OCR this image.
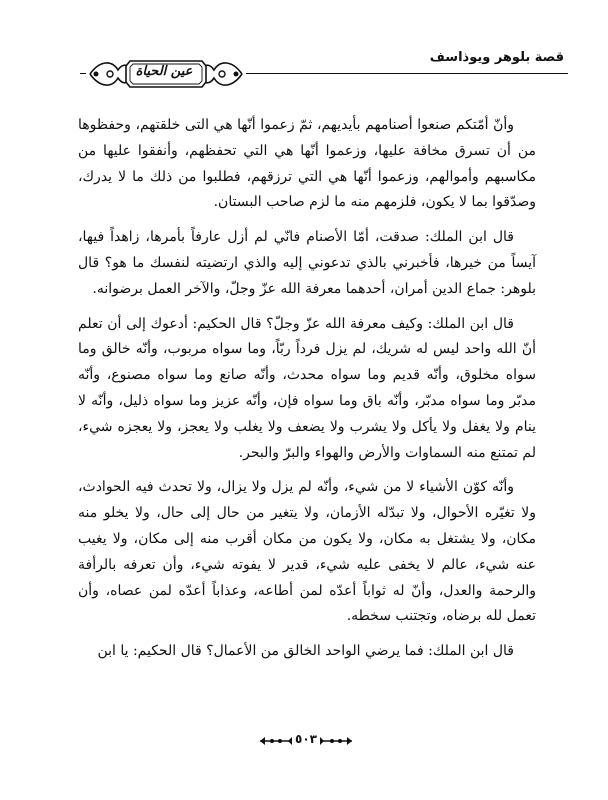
قصة بلوهر ويوذاسف
عين الحياة

وأنّ أمّتكم صنعوا أصنامهم بأيديهم، ثمّ زعموا أنّها هي التى خلقتهم، وحفظوها من أن تسرق مخافة عليها، وزعموا أنّها هي التي تحفظهم، وأنفقوا عليها من مكاسبهم وأموالهم، وزعموا أنّها هي التي ترزقهم، فطلبوا من ذلك ما لا يدرك، وصدّقوا بما لا يكون، فلزمهم منه ما لزم صاحب البستان.

قال ابن الملك: صدقت، أمّا الأصنام فانّي لم أزل عارفاً بأمرها، زاهداً فيها، آيساً من خيرها، فأخبرني بالذي تدعوني إليه والذي ارتضيته لنفسك ما هو؟ قال بلوهر: جماع الدين أمران، أحدهما معرفة الله عزّ وجلّ، والآخر العمل برضوانه.

قال ابن الملك: وكيف معرفة الله عزّ وجلّ؟ قال الحكيم: أدعوك إلى أن تعلم أنّ الله واحد ليس له شريك، لم يزل فرداً ربّاً، وما سواه مربوب، وأنّه خالق وما سواه مخلوق، وأنّه قديم وما سواه محدث، وأنّه صانع وما سواه مصنوع، وأنّه مدبّر وما سواه مدبّر، وأنّه باق وما سواه فإن، وأنّه عزيز وما سواه ذليل، وأنّه لا ينام ولا يغفل ولا يأكل ولا يشرب ولا يضعف ولا يغلب ولا يعجز، ولا يعجزه شيء، لم تمتنع منه السماوات والأرض والهواء والبرّ والبحر.

وأنّه كوّن الأشياء لا من شيء، وأنّه لم يزل ولا يزال، ولا تحدث فيه الحوادث، ولا تغيّره الأحوال، ولا تبدّله الأزمان، ولا يتغير من حال إلى حال، ولا يخلو منه مكان، ولا يشتغل به مكان، ولا يكون من مكان أقرب منه إلى مكان، ولا يغيب عنه شيء، عالم لا يخفى عليه شيء، قدير لا يفوته شيء، وأن تعرفه بالرأفة والرحمة والعدل، وأنّ له ثواباً أعدّه لمن أطاعه، وعذاباً أعدّه لمن عصاه، وأن تعمل لله برضاه، وتجتنب سخطه.

قال ابن الملك: فما يرضي الواحد الخالق من الأعمال؟ قال الحكيم: يا ابن

٥٠٣
